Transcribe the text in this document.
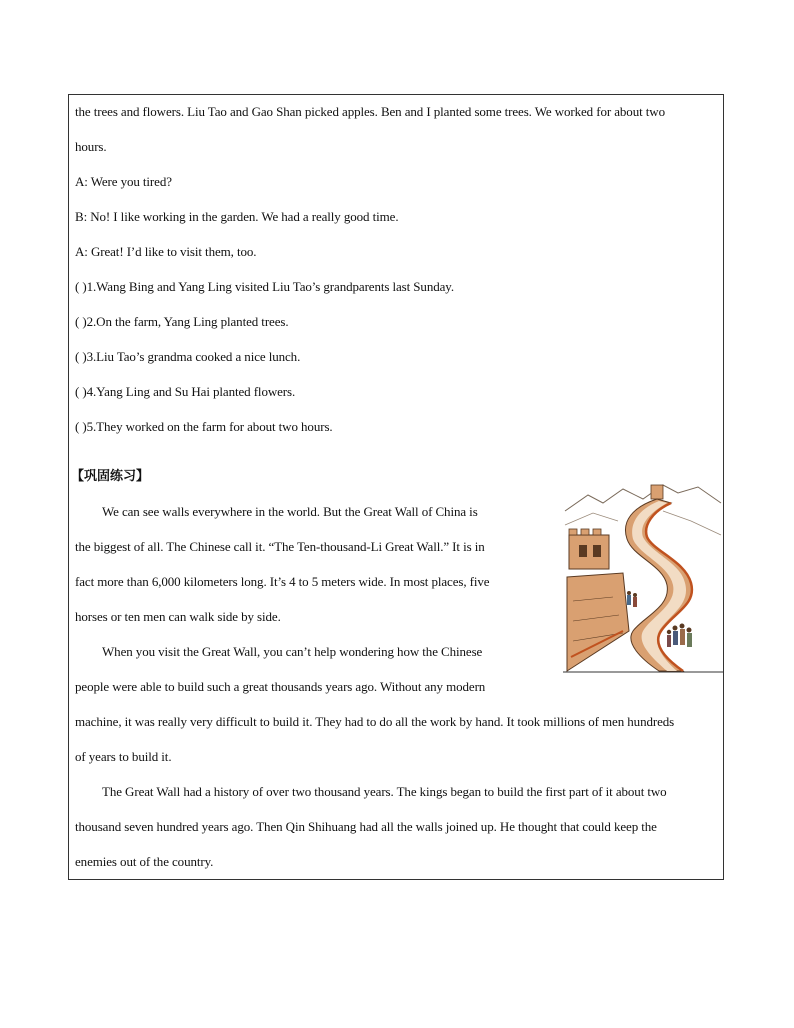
the trees and flowers. Liu Tao and Gao Shan picked apples. Ben and I planted some trees. We worked for about two
hours.
A: Were you tired?
B: No! I like working in the garden. We had a really good time.
A: Great! I’d like to visit them, too.
( )1.Wang Bing and Yang Ling visited Liu Tao’s grandparents last Sunday.
( )2.On the farm, Yang Ling planted trees.
( )3.Liu Tao’s grandma cooked a nice lunch.
( )4.Yang Ling and Su Hai planted flowers.
( )5.They worked on the farm for about two hours.
【巩固练习】
We can see walls everywhere in the world. But the Great Wall of China is
the biggest of all. The Chinese call it. “The Ten-thousand-Li Great Wall.” It is in
fact more than 6,000 kilometers long. It’s 4 to 5 meters wide. In most places, five
horses or ten men can walk side by side.
When you visit the Great Wall, you can’t help wondering how the Chinese
people were able to build such a great thousands years ago. Without any modern
machine, it was really very difficult to build it. They had to do all the work by hand. It took millions of men hundreds
of years to build it.
The Great Wall had a history of over two thousand years. The kings began to build the first part of it about two
thousand seven hundred years ago. Then Qin Shihuang had all the walls joined up. He thought that could keep the
enemies out of the country.
